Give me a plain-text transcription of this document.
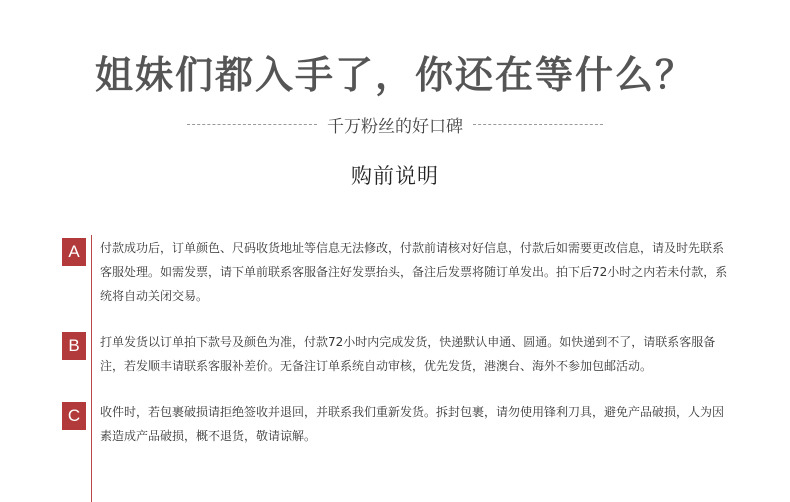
姐妹们都入手了，你还在等什么？
千万粉丝的好口碑
购前说明
A	付款成功后，订单颜色、尺码收货地址等信息无法修改，付款前请核对好信息，付款后如需要更改信息，请及时先联系客服处理。如需发票，请下单前联系客服备注好发票抬头，备注后发票将随订单发出。拍下后72小时之内若未付款，系统将自动关闭交易。
B	打单发货以订单拍下款号及颜色为准，付款72小时内完成发货，快递默认申通、圆通。如快递到不了，请联系客服备注，若发顺丰请联系客服补差价。无备注订单系统自动审核，优先发货，港澳台、海外不参加包邮活动。
C	收件时，若包裹破损请拒绝签收并退回，并联系我们重新发货。拆封包裹，请勿使用锋利刀具，避免产品破损，人为因素造成产品破损，概不退货，敬请谅解。
